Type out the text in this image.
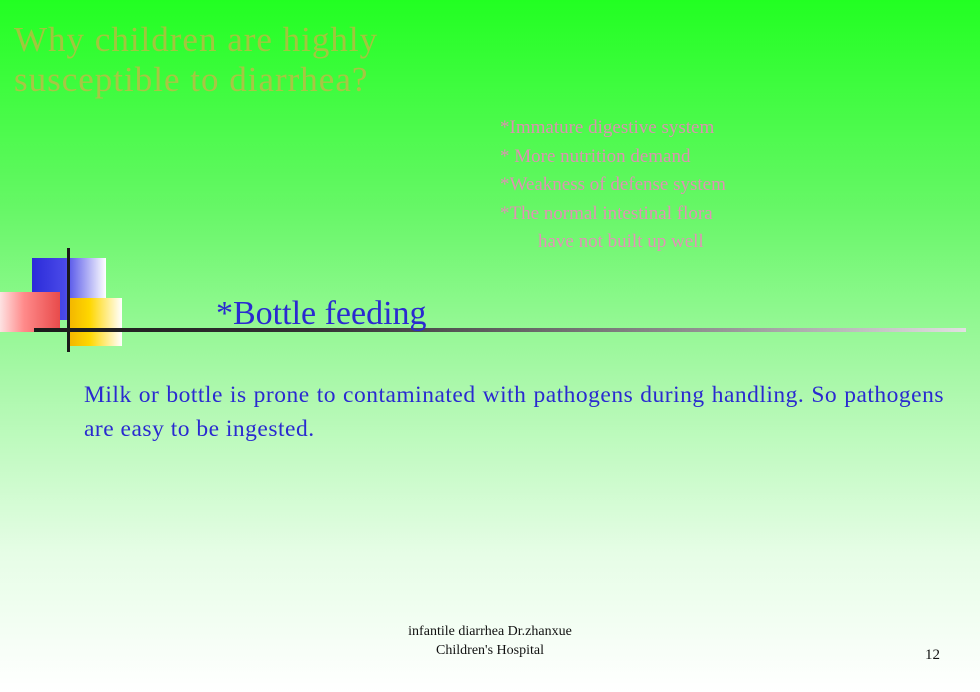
Why children are highly
susceptible to diarrhea?
*Immature digestive system
* More nutrition demand
*Weakness of defense system
*The normal intestinal flora
have not built up well
*Bottle feeding

Milk or bottle is prone to contaminated with pathogens during handling. So pathogens are easy to be ingested.

infantile diarrhea Dr.zhanxue
Children's Hospital	12
